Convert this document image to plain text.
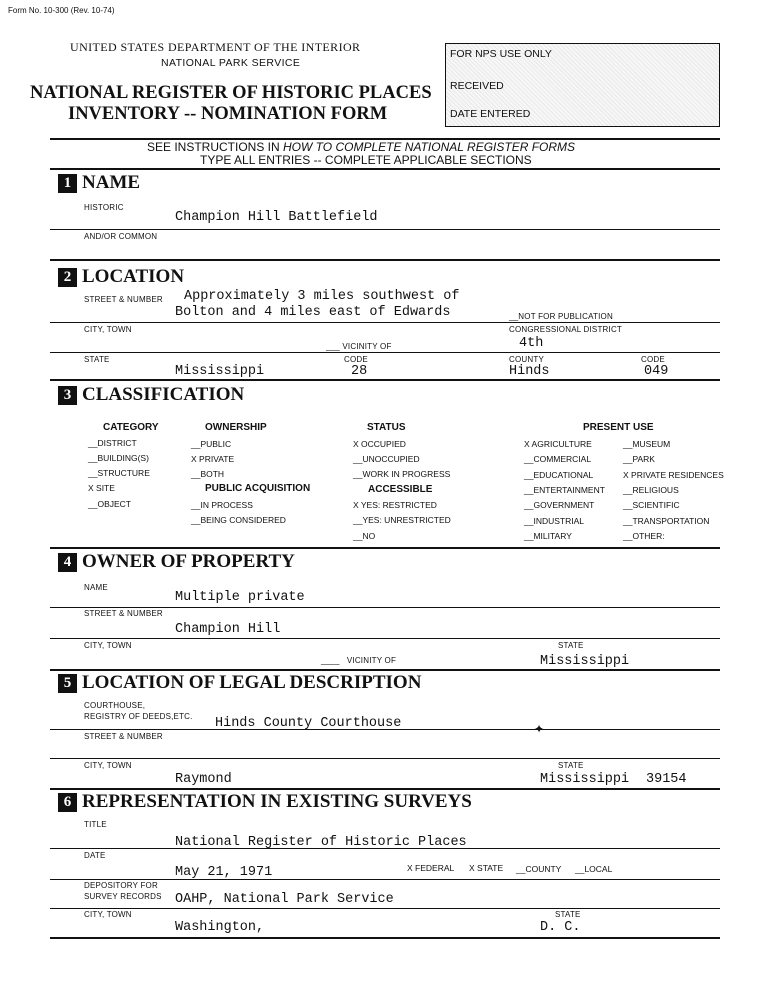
Form No. 10-300 (Rev. 10-74)
UNITED STATES DEPARTMENT OF THE INTERIOR
NATIONAL PARK SERVICE
NATIONAL REGISTER OF HISTORIC PLACES
INVENTORY -- NOMINATION FORM
FOR NPS USE ONLY
RECEIVED
DATE ENTERED
SEE INSTRUCTIONS IN HOW TO COMPLETE NATIONAL REGISTER FORMS
TYPE ALL ENTRIES -- COMPLETE APPLICABLE SECTIONS
1 NAME
HISTORIC
Champion Hill Battlefield
AND/OR COMMON
2 LOCATION
STREET & NUMBER Approximately 3 miles southwest of
Bolton and 4 miles east of Edwards	__NOT FOR PUBLICATION
CITY, TOWN	CONGRESSIONAL DISTRICT
___ VICINITY OF	4th
STATE	CODE	COUNTY	CODE
Mississippi	28	Hinds	049
3 CLASSIFICATION
CATEGORY	OWNERSHIP	STATUS	PRESENT USE
__DISTRICT
__BUILDING(S)
__STRUCTURE
X SITE
__OBJECT
__PUBLIC
X PRIVATE
__BOTH
PUBLIC ACQUISITION
__IN PROCESS
__BEING CONSIDERED
X OCCUPIED
__UNOCCUPIED
__WORK IN PROGRESS
ACCESSIBLE
X YES: RESTRICTED
__YES: UNRESTRICTED
__NO
X AGRICULTURE
__COMMERCIAL
__EDUCATIONAL
__ENTERTAINMENT
__GOVERNMENT
__INDUSTRIAL
__MILITARY
__MUSEUM
__PARK
X PRIVATE RESIDENCES
__RELIGIOUS
__SCIENTIFIC
__TRANSPORTATION
__OTHER:
4 OWNER OF PROPERTY
NAME
Multiple private
STREET & NUMBER
Champion Hill
CITY, TOWN	STATE
____   VICINITY OF	Mississippi
5 LOCATION OF LEGAL DESCRIPTION
COURTHOUSE,
REGISTRY OF DEEDS,ETC. Hinds County Courthouse	✦
STREET & NUMBER
CITY, TOWN	STATE
Raymond	Mississippi 39154
6 REPRESENTATION IN EXISTING SURVEYS
TITLE
National Register of Historic Places
DATE
May 21, 1971	X FEDERAL X STATE __COUNTY __LOCAL
DEPOSITORY FOR
SURVEY RECORDS OAHP, National Park Service
CITY, TOWN	STATE
Washington,	D. C.
